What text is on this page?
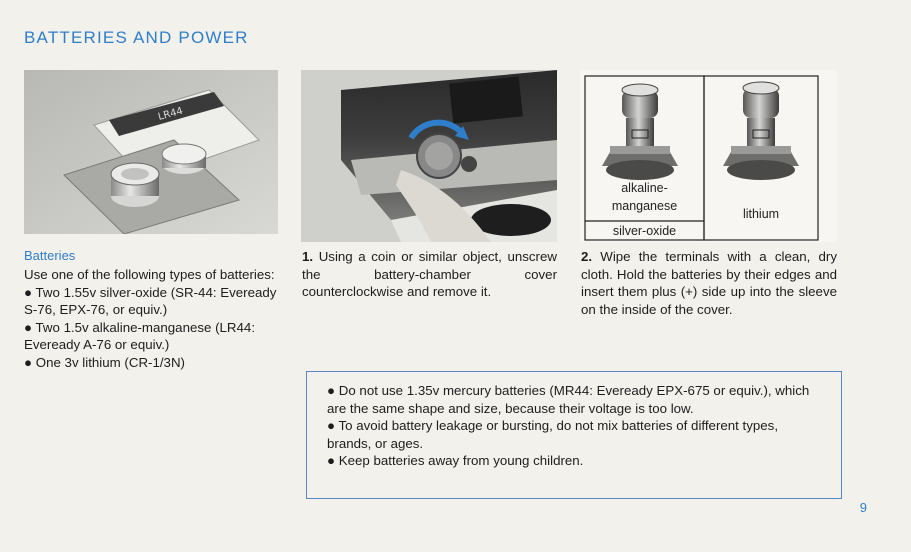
BATTERIES AND POWER
LR44
alkaline-
manganese
silver-oxide
lithium
Batteries

Use one of the following types of batteries:

● Two 1.55v silver-oxide (SR-44: Eveready S-76, EPX-76, or equiv.)

● Two 1.5v alkaline-manganese (LR44: Eveready A-76 or equiv.)

● One 3v lithium (CR-1/3N)

1. Using a coin or similar object, unscrew the battery-chamber cover counterclockwise and remove it.

2. Wipe the terminals with a clean, dry cloth. Hold the batteries by their edges and insert them plus (+) side up into the sleeve on the inside of the cover.

● Do not use 1.35v mercury batteries (MR44: Eveready EPX-675 or equiv.), which are the same shape and size, because their voltage is too low.

● To avoid battery leakage or bursting, do not mix batteries of different types, brands, or ages.

● Keep batteries away from young children.

9
